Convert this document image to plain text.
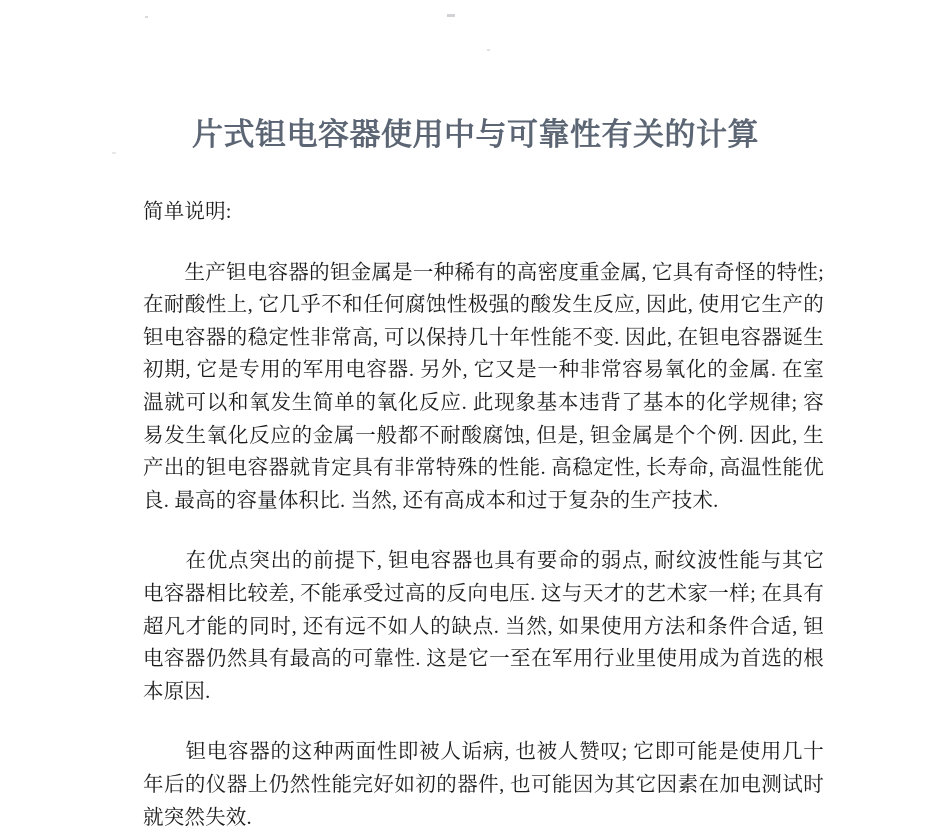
片式钽电容器使用中与可靠性有关的计算

简单说明:

　　生产钽电容器的钽金属是一种稀有的高密度重金属, 它具有奇怪的特性; 在耐酸性上, 它几乎不和任何腐蚀性极强的酸发生反应, 因此, 使用它生产的钽电容器的稳定性非常高, 可以保持几十年性能不变. 因此, 在钽电容器诞生初期, 它是专用的军用电容器. 另外, 它又是一种非常容易氧化的金属. 在室温就可以和氧发生简单的氧化反应. 此现象基本违背了基本的化学规律; 容易发生氧化反应的金属一般都不耐酸腐蚀, 但是, 钽金属是个个例. 因此, 生产出的钽电容器就肯定具有非常特殊的性能. 高稳定性, 长寿命, 高温性能优良. 最高的容量体积比. 当然, 还有高成本和过于复杂的生产技术.

　　在优点突出的前提下, 钽电容器也具有要命的弱点, 耐纹波性能与其它电容器相比较差, 不能承受过高的反向电压. 这与天才的艺术家一样; 在具有超凡才能的同时, 还有远不如人的缺点. 当然, 如果使用方法和条件合适, 钽电容器仍然具有最高的可靠性. 这是它一至在军用行业里使用成为首选的根本原因.

　　钽电容器的这种两面性即被人诟病, 也被人赞叹; 它即可能是使用几十年后的仪器上仍然性能完好如初的器件, 也可能因为其它因素在加电测试时就突然失效.
